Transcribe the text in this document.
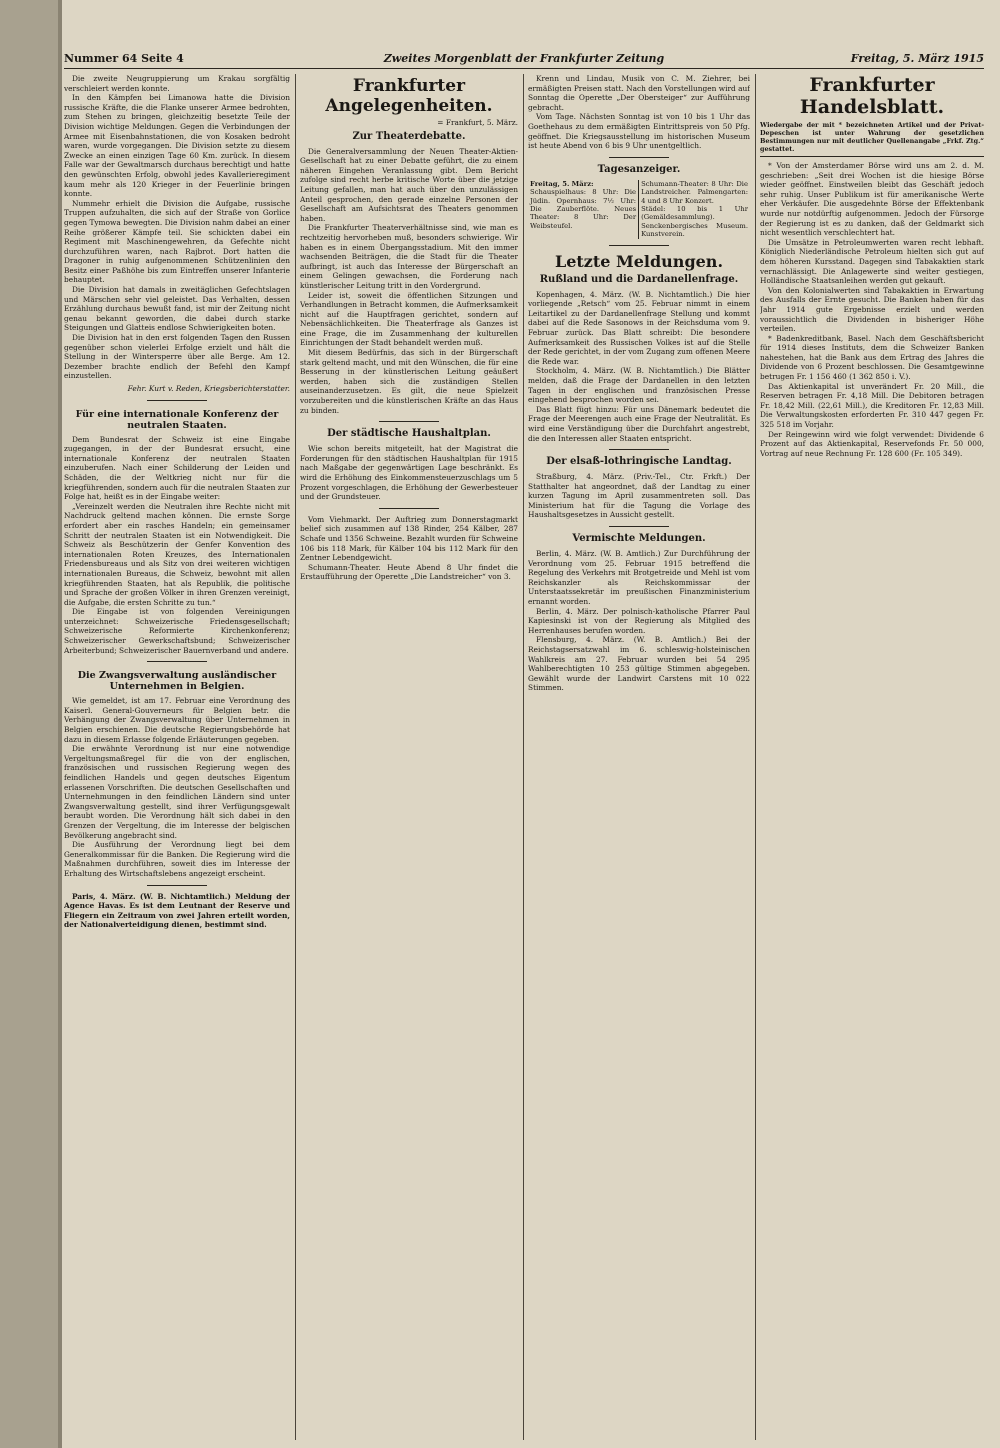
Nummer 64 Seite 4	Zweites Morgenblatt der Frankfurter Zeitung	Freitag, 5. März 1915

Die zweite Neugruppierung um Krakau sorgfältig verschleiert werden konnte.

In den Kämpfen bei Limanowa hatte die Division russische Kräfte, die die Flanke unserer Armee bedrohten, zum Stehen zu bringen, gleichzeitig besetzte Teile der Division wichtige Meldungen. Gegen die Verbindungen der Armee mit Eisenbahnstationen, die von Kosaken bedroht waren, wurde vorgegangen. Die Division setzte zu diesem Zwecke an einen einzigen Tage 60 Km. zurück. In diesem Falle war der Gewaltmarsch durchaus berechtigt und hatte den gewünschten Erfolg, obwohl jedes Kavallerieregiment kaum mehr als 120 Krieger in der Feuerlinie bringen konnte.

Nummehr erhielt die Division die Aufgabe, russische Truppen aufzuhalten, die sich auf der Straße von Gorlice gegen Tymowa bewegten. Die Division nahm dabei an einer Reihe größerer Kämpfe teil. Sie schickten dabei ein Regiment mit Maschinengewehren, da Gefechte nicht durchzuführen waren, nach Rajbrot. Dort hatten die Dragoner in ruhig aufgenommenen Schützenlinien den Besitz einer Paßhöhe bis zum Eintreffen unserer Infanterie behauptet.

Die Division hat damals in zweitäglichen Gefechtslagen und Märschen sehr viel geleistet. Das Verhalten, dessen Erzählung durchaus bewußt fand, ist mir der Zeitung nicht genau bekannt geworden, die dabei durch starke Steigungen und Glatteis endlose Schwierigkeiten boten.

Die Division hat in den erst folgenden Tagen den Russen gegenüber schon vielerlei Erfolge erzielt und hält die Stellung in der Wintersperre über alle Berge. Am 12. Dezember brachte endlich der Befehl den Kampf einzustellen.

Fehr. Kurt v. Reden, Kriegsberichterstatter.
Für eine internationale Konferenz der neutralen Staaten.

Dem Bundesrat der Schweiz ist eine Eingabe zugegangen, in der der Bundesrat ersucht, eine internationale Konferenz der neutralen Staaten einzuberufen. Nach einer Schilderung der Leiden und Schäden, die der Weltkrieg nicht nur für die kriegführenden, sondern auch für die neutralen Staaten zur Folge hat, heißt es in der Eingabe weiter:

„Vereinzelt werden die Neutralen ihre Rechte nicht mit Nachdruck geltend machen können. Die ernste Sorge erfordert aber ein rasches Handeln; ein gemeinsamer Schritt der neutralen Staaten ist ein Notwendigkeit. Die Schweiz als Beschützerin der Genfer Konvention des internationalen Roten Kreuzes, des Internationalen Friedensbureaus und als Sitz von drei weiteren wichtigen internationalen Bureaus, die Schweiz, bewohnt mit allen kriegführenden Staaten, hat als Republik, die politische und Sprache der großen Völker in ihren Grenzen vereinigt, die Aufgabe, die ersten Schritte zu tun.“

Die Eingabe ist von folgenden Vereinigungen unterzeichnet: Schweizerische Friedensgesellschaft; Schweizerische Reformierte Kirchenkonferenz; Schweizerischer Gewerkschaftsbund; Schweizerischer Arbeiterbund; Schweizerischer Bauernverband und andere.

Die Zwangsverwaltung ausländischer Unternehmen in Belgien.

Wie gemeldet, ist am 17. Februar eine Verordnung des Kaiserl. General-Gouverneurs für Belgien betr. die Verhängung der Zwangsverwaltung über Unternehmen in Belgien erschienen. Die deutsche Regierungsbehörde hat dazu in diesem Erlasse folgende Erläuterungen gegeben.

Die erwähnte Verordnung ist nur eine notwendige Vergeltungsmaßregel für die von der englischen, französischen und russischen Regierung wegen des feindlichen Handels und gegen deutsches Eigentum erlassenen Vorschriften. Die deutschen Gesellschaften und Unternehmungen in den feindlichen Ländern sind unter Zwangsverwaltung gestellt, sind ihrer Verfügungsgewalt beraubt worden. Die Verordnung hält sich dabei in den Grenzen der Vergeltung, die im Interesse der belgischen Bevölkerung angebracht sind.

Die Ausführung der Verordnung liegt bei dem Generalkommissar für die Banken. Die Regierung wird die Maßnahmen durchführen, soweit dies im Interesse der Erhaltung des Wirtschaftslebens angezeigt erscheint.

Paris, 4. März. (W. B. Nichtamtlich.) Meldung der Agence Havas. Es ist dem Leutnant der Reserve und Fliegern ein Zeitraum von zwei Jahren erteilt worden, der Nationalverteidigung dienen, bestimmt sind.

Frankfurter Angelegenheiten.
= Frankfurt, 5. März.
Zur Theaterdebatte.

Die Generalversammlung der Neuen Theater-Aktien-Gesellschaft hat zu einer Debatte geführt, die zu einem näheren Eingehen Veranlassung gibt. Dem Bericht zufolge sind recht herbe kritische Worte über die jetzige Leitung gefallen, man hat auch über den unzulässigen Anteil gesprochen, den gerade einzelne Personen der Gesellschaft am Aufsichtsrat des Theaters genommen haben.

Die Frankfurter Theaterverhältnisse sind, wie man es rechtzeitig hervorheben muß, besonders schwierige. Wir haben es in einem Übergangsstadium. Mit den immer wachsenden Beiträgen, die die Stadt für die Theater aufbringt, ist auch das Interesse der Bürgerschaft an einem Gelingen gewachsen, die Forderung nach künstlerischer Leitung tritt in den Vordergrund.

Leider ist, soweit die öffentlichen Sitzungen und Verhandlungen in Betracht kommen, die Aufmerksamkeit nicht auf die Hauptfragen gerichtet, sondern auf Nebensächlichkeiten. Die Theaterfrage als Ganzes ist eine Frage, die im Zusammenhang der kulturellen Einrichtungen der Stadt behandelt werden muß.

Mit diesem Bedürfnis, das sich in der Bürgerschaft stark geltend macht, und mit den Wünschen, die für eine Besserung in der künstlerischen Leitung geäußert werden, haben sich die zuständigen Stellen auseinanderzusetzen. Es gilt, die neue Spielzeit vorzubereiten und die künstlerischen Kräfte an das Haus zu binden.

Der städtische Haushaltplan.

Wie schon bereits mitgeteilt, hat der Magistrat die Forderungen für den städtischen Haushaltplan für 1915 nach Maßgabe der gegenwärtigen Lage beschränkt. Es wird die Erhöhung des Einkommensteuerzuschlags um 5 Prozent vorgeschlagen, die Erhöhung der Gewerbesteuer und der Grundsteuer.

Vom Viehmarkt. Der Auftrieg zum Donnerstagmarkt belief sich zusammen auf 138 Rinder, 254 Kälber, 287 Schafe und 1356 Schweine. Bezahlt wurden für Schweine 106 bis 118 Mark, für Kälber 104 bis 112 Mark für den Zentner Lebendgewicht.

Schumann-Theater. Heute Abend 8 Uhr findet die Erstaufführung der Operette „Die Landstreicher“ von 3.

Krenn und Lindau, Musik von C. M. Ziehrer, bei ermäßigten Preisen statt. Nach den Vorstellungen wird auf Sonntag die Operette „Der Obersteiger“ zur Aufführung gebracht.

Vom Tage. Nächsten Sonntag ist von 10 bis 1 Uhr das Goethehaus zu dem ermäßigten Eintrittspreis von 50 Pfg. geöffnet. Die Kriegsausstellung im historischen Museum ist heute Abend von 6 bis 9 Uhr unentgeltlich.

Tagesanzeiger.
Freitag, 5. März:
Schauspielhaus: 8 Uhr: Die Jüdin. Opernhaus: 7½ Uhr: Die Zauberflöte. Neues Theater: 8 Uhr: Der Weibsteufel.

Schumann-Theater: 8 Uhr: Die Landstreicher. Palmengarten: 4 und 8 Uhr Konzert.
Städel: 10 bis 1 Uhr (Gemäldesammlung). Senckenbergisches Museum. Kunstverein.
Letzte Meldungen.
Rußland und die Dardanellenfrage.

Kopenhagen, 4. März. (W. B. Nichtamtlich.) Die hier vorliegende „Retsch“ vom 25. Februar nimmt in einem Leitartikel zu der Dardanellenfrage Stellung und kommt dabei auf die Rede Sasonows in der Reichsduma vom 9. Februar zurück. Das Blatt schreibt: Die besondere Aufmerksamkeit des Russischen Volkes ist auf die Stelle der Rede gerichtet, in der vom Zugang zum offenen Meere die Rede war.

Stockholm, 4. März. (W. B. Nichtamtlich.) Die Blätter melden, daß die Frage der Dardanellen in den letzten Tagen in der englischen und französischen Presse eingehend besprochen worden sei.

Das Blatt fügt hinzu: Für uns Dänemark bedeutet die Frage der Meerengen auch eine Frage der Neutralität. Es wird eine Verständigung über die Durchfahrt angestrebt, die den Interessen aller Staaten entspricht.

Der elsaß-lothringische Landtag.

Straßburg, 4. März. (Priv.-Tel., Ctr. Frkft.) Der Statthalter hat angeordnet, daß der Landtag zu einer kurzen Tagung im April zusammentreten soll. Das Ministerium hat für die Tagung die Vorlage des Haushaltsgesetzes in Aussicht gestellt.

Vermischte Meldungen.

Berlin, 4. März. (W. B. Amtlich.) Zur Durchführung der Verordnung vom 25. Februar 1915 betreffend die Regelung des Verkehrs mit Brotgetreide und Mehl ist vom Reichskanzler als Reichskommissar der Unterstaatssekretär im preußischen Finanzministerium ernannt worden.

Berlin, 4. März. Der polnisch-katholische Pfarrer Paul Kapiesinski ist von der Regierung als Mitglied des Herrenhauses berufen worden.

Flensburg, 4. März. (W. B. Amtlich.) Bei der Reichstagsersatzwahl im 6. schleswig-holsteinischen Wahlkreis am 27. Februar wurden bei 54 295 Wahlberechtigten 10 253 gültige Stimmen abgegeben. Gewählt wurde der Landwirt Carstens mit 10 022 Stimmen.

Frankfurter Handelsblatt.
Wiedergabe der mit * bezeichneten Artikel und der Privat-Depeschen ist unter Wahrung der gesetzlichen Bestimmungen nur mit deutlicher Quellenangabe „Frkf. Ztg.“ gestattet.

* Von der Amsterdamer Börse wird uns am 2. d. M. geschrieben: „Seit drei Wochen ist die hiesige Börse wieder geöffnet. Einstweilen bleibt das Geschäft jedoch sehr ruhig. Unser Publikum ist für amerikanische Werte eher Verkäufer. Die ausgedehnte Börse der Effektenbank wurde nur notdürftig aufgenommen. Jedoch der Fürsorge der Regierung ist es zu danken, daß der Geldmarkt sich nicht wesentlich verschlechtert hat.

Die Umsätze in Petroleumwerten waren recht lebhaft. Königlich Niederländische Petroleum hielten sich gut auf dem höheren Kursstand. Dagegen sind Tabakaktien stark vernachlässigt. Die Anlagewerte sind weiter gestiegen, Holländische Staatsanleihen werden gut gekauft.

Von den Kolonialwerten sind Tabakaktien in Erwartung des Ausfalls der Ernte gesucht. Die Banken haben für das Jahr 1914 gute Ergebnisse erzielt und werden voraussichtlich die Dividenden in bisheriger Höhe verteilen.

* Badenkreditbank, Basel. Nach dem Geschäftsbericht für 1914 dieses Instituts, dem die Schweizer Banken nahestehen, hat die Bank aus dem Ertrag des Jahres die Dividende von 6 Prozent beschlossen. Die Gesamtgewinne betrugen Fr. 1 156 460 (1 362 850 i. V.).

Das Aktienkapital ist unverändert Fr. 20 Mill., die Reserven betragen Fr. 4,18 Mill. Die Debitoren betragen Fr. 18,42 Mill. (22,61 Mill.), die Kreditoren Fr. 12,83 Mill. Die Verwaltungskosten erforderten Fr. 310 447 gegen Fr. 325 518 im Vorjahr.

Der Reingewinn wird wie folgt verwendet: Dividende 6 Prozent auf das Aktienkapital, Reservefonds Fr. 50 000, Vortrag auf neue Rechnung Fr. 128 600 (Fr. 105 349).
